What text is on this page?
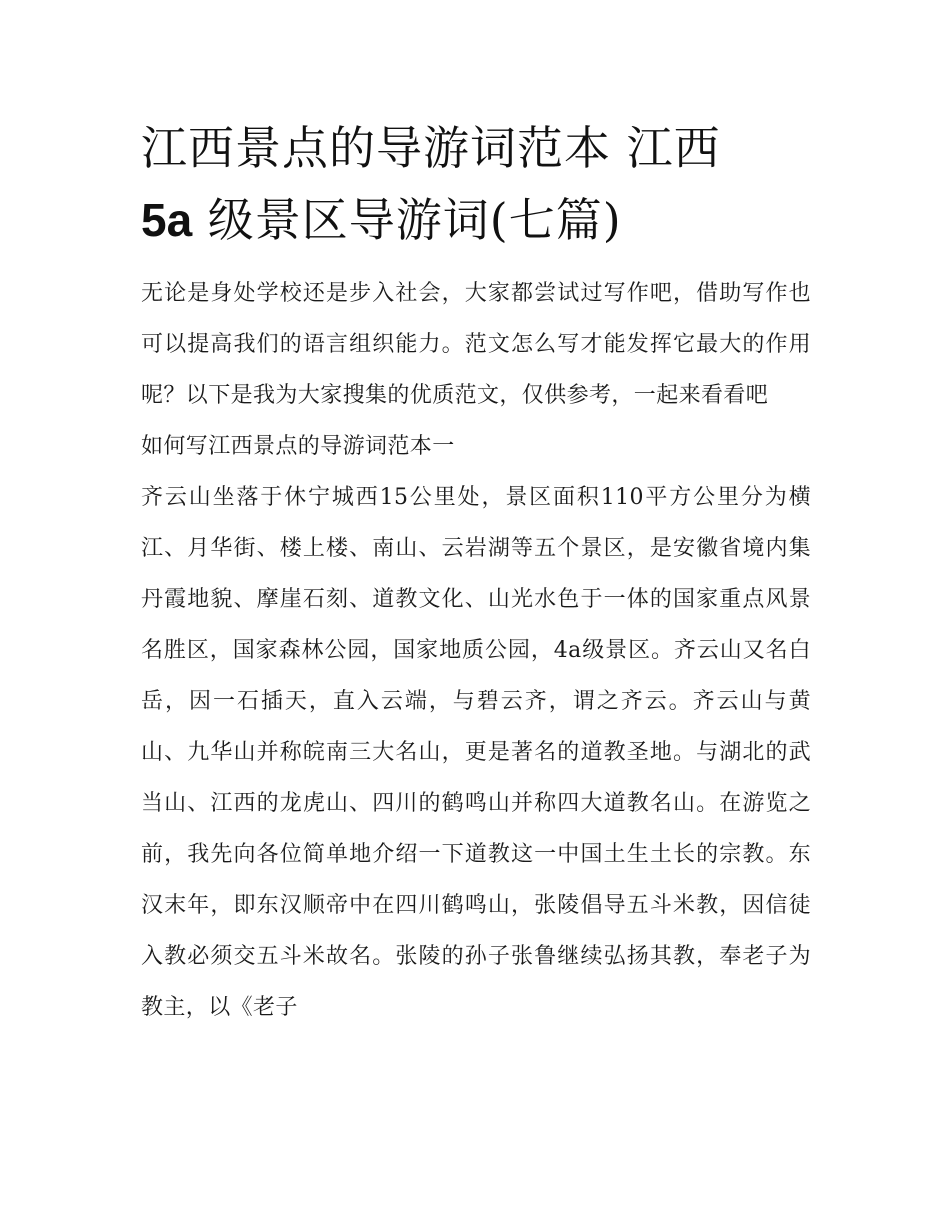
江西景点的导游词范本 江西
5a 级景区导游词(七篇)

无论是身处学校还是步入社会，大家都尝试过写作吧，借助写作也可以提高我们的语言组织能力。范文怎么写才能发挥它最大的作用呢？以下是我为大家搜集的优质范文，仅供参考，一起来看看吧

如何写江西景点的导游词范本一

齐云山坐落于休宁城西15公里处，景区面积110平方公里分为横江、月华街、楼上楼、南山、云岩湖等五个景区，是安徽省境内集丹霞地貌、摩崖石刻、道教文化、山光水色于一体的国家重点风景名胜区，国家森林公园，国家地质公园，4a级景区。齐云山又名白岳，因一石插天，直入云端，与碧云齐，谓之齐云。齐云山与黄山、九华山并称皖南三大名山，更是著名的道教圣地。与湖北的武当山、江西的龙虎山、四川的鹤鸣山并称四大道教名山。在游览之前，我先向各位简单地介绍一下道教这一中国土生土长的宗教。东汉末年，即东汉顺帝中在四川鹤鸣山，张陵倡导五斗米教，因信徒入教必须交五斗米故名。张陵的孙子张鲁继续弘扬其教，奉老子为教主，以《老子
